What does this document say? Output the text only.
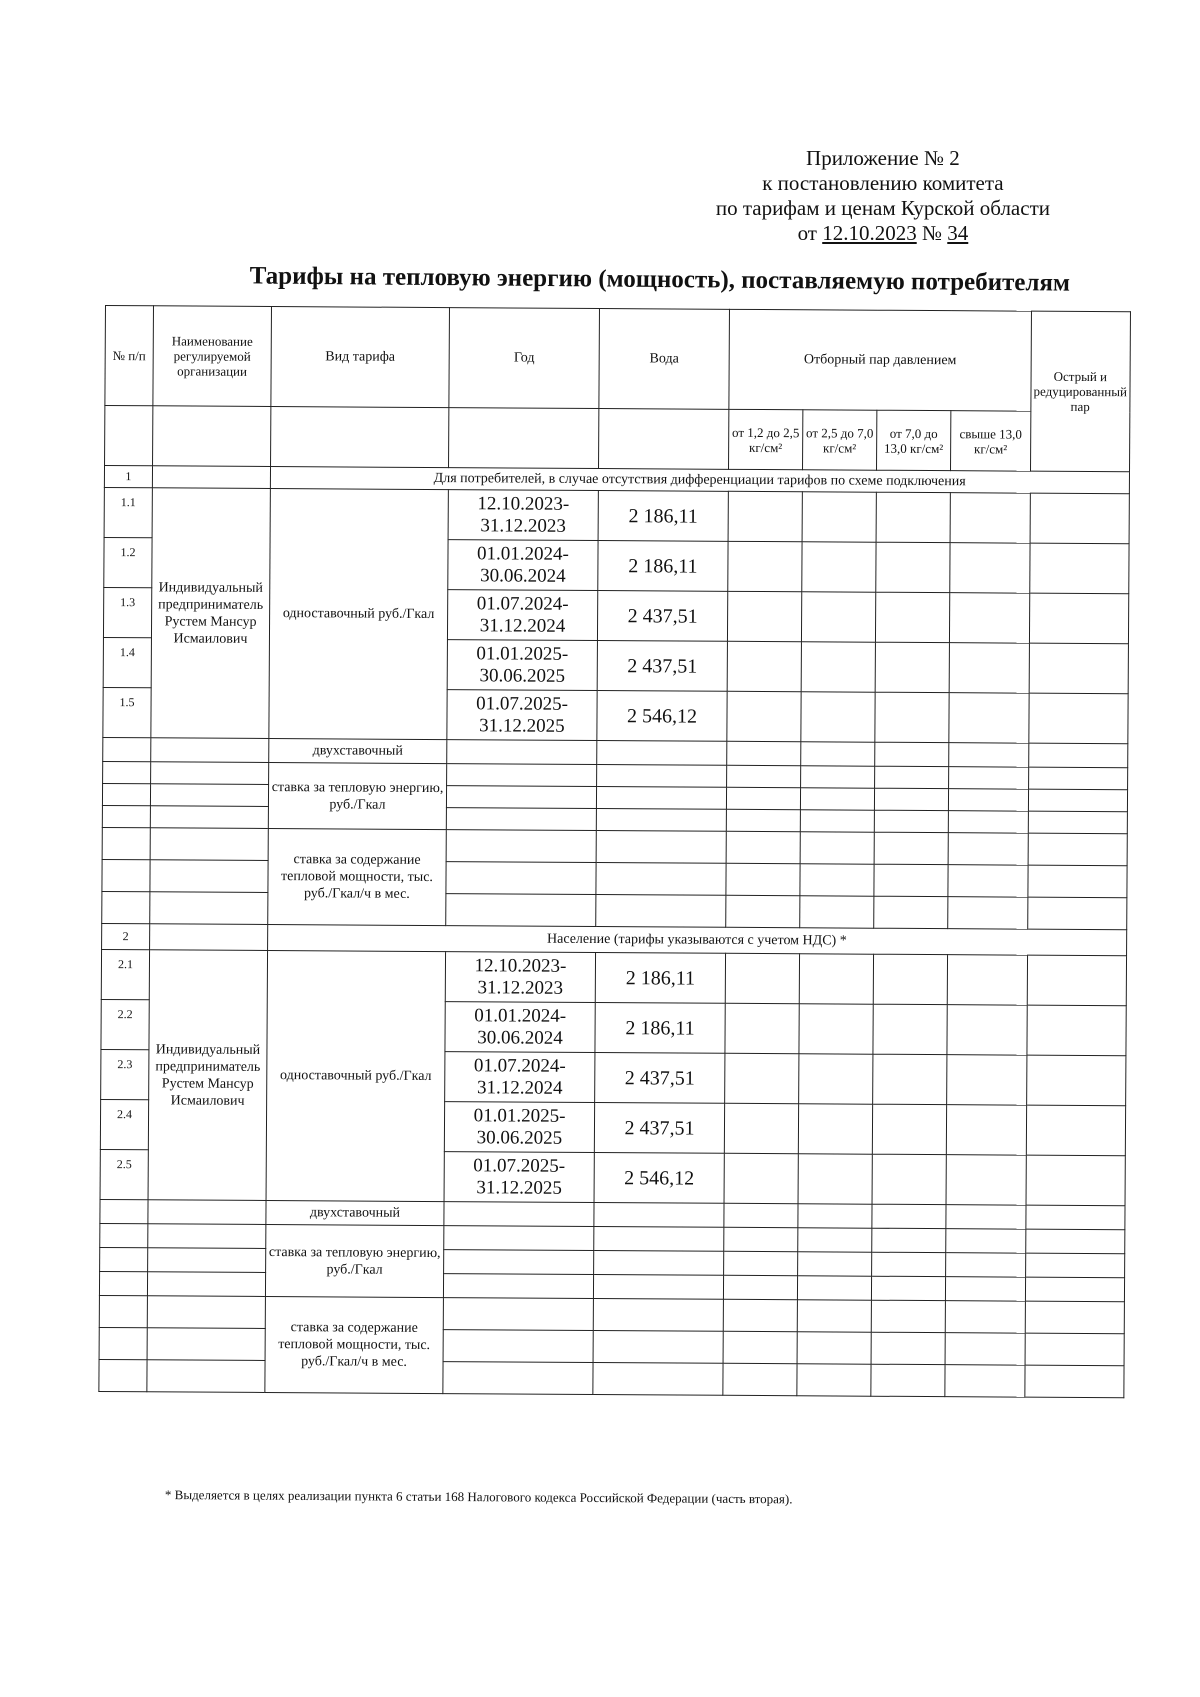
Приложение № 2
к постановлению комитета
по тарифам и ценам Курской области
от 12.10.2023 № 34
Тарифы на тепловую энергию (мощность), поставляемую потребителям
№ п/п	Наименование регулируемой организации	Вид тарифа	Год	Вода	Отборный пар давлением				Острый и редуцированный пар
					от 1,2 до 2,5 кг/см²	от 2,5 до 7,0 кг/см²	от 7,0 до 13,0 кг/см²	свыше 13,0 кг/см²	
1		Для потребителей, в случае отсутствия дифференциации тарифов по схеме подключения							
1.1	Индивидуальный предприниматель Рустем Мансур Исмаилович	одноставочный руб./Гкал	12.10.2023-31.12.2023	2 186,11					
1.2			01.01.2024-30.06.2024	2 186,11					
1.3			01.07.2024-31.12.2024	2 437,51					
1.4			01.01.2025-30.06.2025	2 437,51					
1.5			01.07.2025-31.12.2025	2 546,12					
		двухставочный							
		ставка за тепловую энергию, руб./Гкал							

		ставка за содержание тепловой мощности, тыс. руб./Гкал/ч в мес.							

2		Население (тарифы указываются с учетом НДС) *							
2.1	Индивидуальный предприниматель Рустем Мансур Исмаилович	одноставочный руб./Гкал	12.10.2023-31.12.2023	2 186,11					
2.2			01.01.2024-30.06.2024	2 186,11					
2.3			01.07.2024-31.12.2024	2 437,51					
2.4			01.01.2025-30.06.2025	2 437,51					
2.5			01.07.2025-31.12.2025	2 546,12					
		двухставочный							
		ставка за тепловую энергию, руб./Гкал							

		ставка за содержание тепловой мощности, тыс. руб./Гкал/ч в мес.							

* Выделяется в целях реализации пункта 6 статьи 168 Налогового кодекса Российской Федерации (часть вторая).
